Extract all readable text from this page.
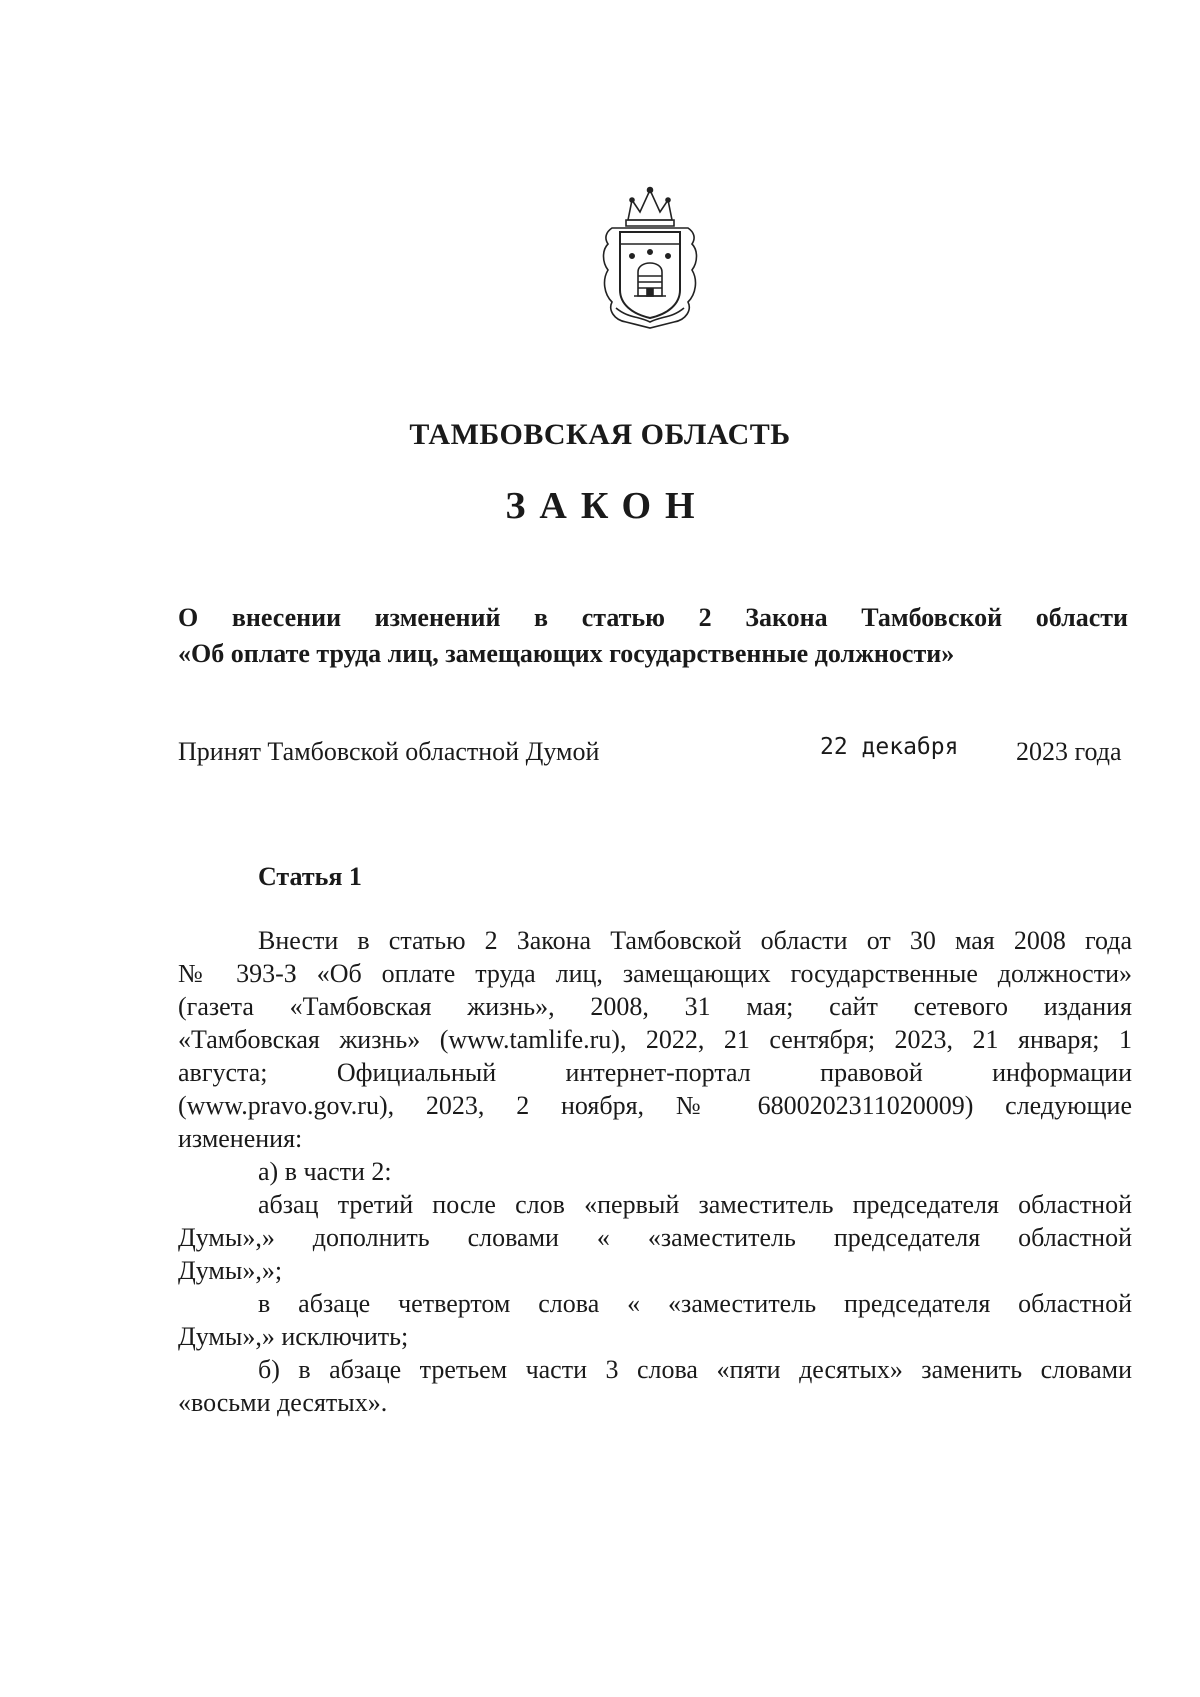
ТАМБОВСКАЯ ОБЛАСТЬ
ЗАКОН
О внесении изменений в статью 2 Закона Тамбовской области
«Об оплате труда лиц, замещающих государственные должности»
Принят Тамбовской областной Думой	22 декабря 2023 года
Статья 1
Внести в статью 2 Закона Тамбовской области от 30 мая 2008 года
№ 393-З «Об оплате труда лиц, замещающих государственные должности»
(газета «Тамбовская жизнь», 2008, 31 мая; сайт сетевого издания
«Тамбовская жизнь» (www.tamlife.ru), 2022, 21 сентября; 2023, 21 января; 1
августа; Официальный интернет-портал правовой информации
(www.pravo.gov.ru), 2023, 2 ноября, № 6800202311020009) следующие
изменения:
а) в части 2:
абзац третий после слов «первый заместитель председателя областной
Думы»,» дополнить словами « «заместитель председателя областной
Думы»,»;
в абзаце четвертом слова « «заместитель председателя областной
Думы»,» исключить;
б) в абзаце третьем части 3 слова «пяти десятых» заменить словами
«восьми десятых».
